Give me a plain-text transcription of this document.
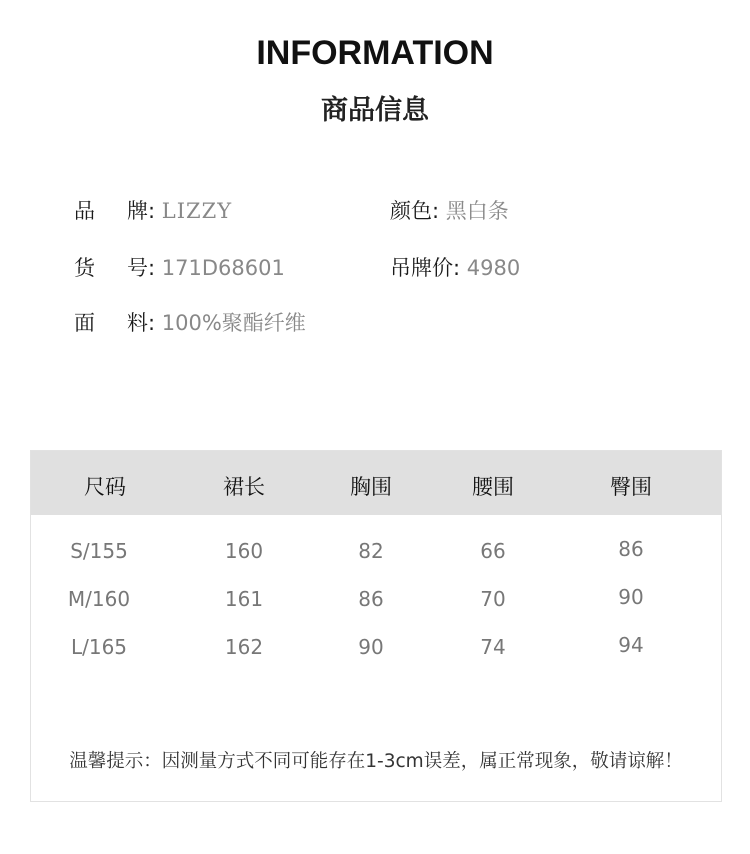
INFORMATION
商品信息
品牌: LIZZY	颜色: 黑白条
货号: 171D68601	吊牌价: 4980
面料: 100%聚酯纤维
尺码	裙长	胸围	腰围	臀围
S/155	160	82	66	86
M/160	161	86	70	90
L/165	162	90	74	94
温馨提示：因测量方式不同可能存在1-3cm误差，属正常现象，敬请谅解！
